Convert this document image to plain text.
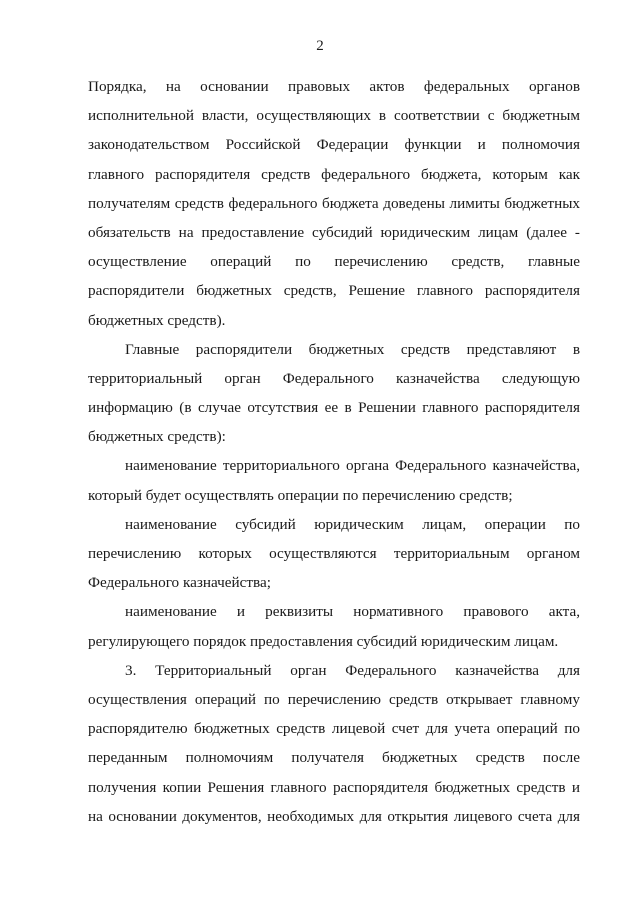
2
Порядка, на основании правовых актов федеральных органов
исполнительной власти, осуществляющих в соответствии с бюджетным
законодательством Российской Федерации функции и полномочия
главного распорядителя средств федерального бюджета, которым как
получателям средств федерального бюджета доведены лимиты бюджетных
обязательств на предоставление субсидий юридическим лицам (далее -
осуществление операций по перечислению средств, главные
распорядители бюджетных средств, Решение главного распорядителя
бюджетных средств).
Главные распорядители бюджетных средств представляют в
территориальный орган Федерального казначейства следующую
информацию (в случае отсутствия ее в Решении главного распорядителя
бюджетных средств):
наименование территориального органа Федерального казначейства,
который будет осуществлять операции по перечислению средств;
наименование субсидий юридическим лицам, операции по
перечислению которых осуществляются территориальным органом
Федерального казначейства;
наименование и реквизиты нормативного правового акта,
регулирующего порядок предоставления субсидий юридическим лицам.
3. Территориальный орган Федерального казначейства для
осуществления операций по перечислению средств открывает главному
распорядителю бюджетных средств лицевой счет для учета операций по
переданным полномочиям получателя бюджетных средств после
получения копии Решения главного распорядителя бюджетных средств и
на основании документов, необходимых для открытия лицевого счета для
